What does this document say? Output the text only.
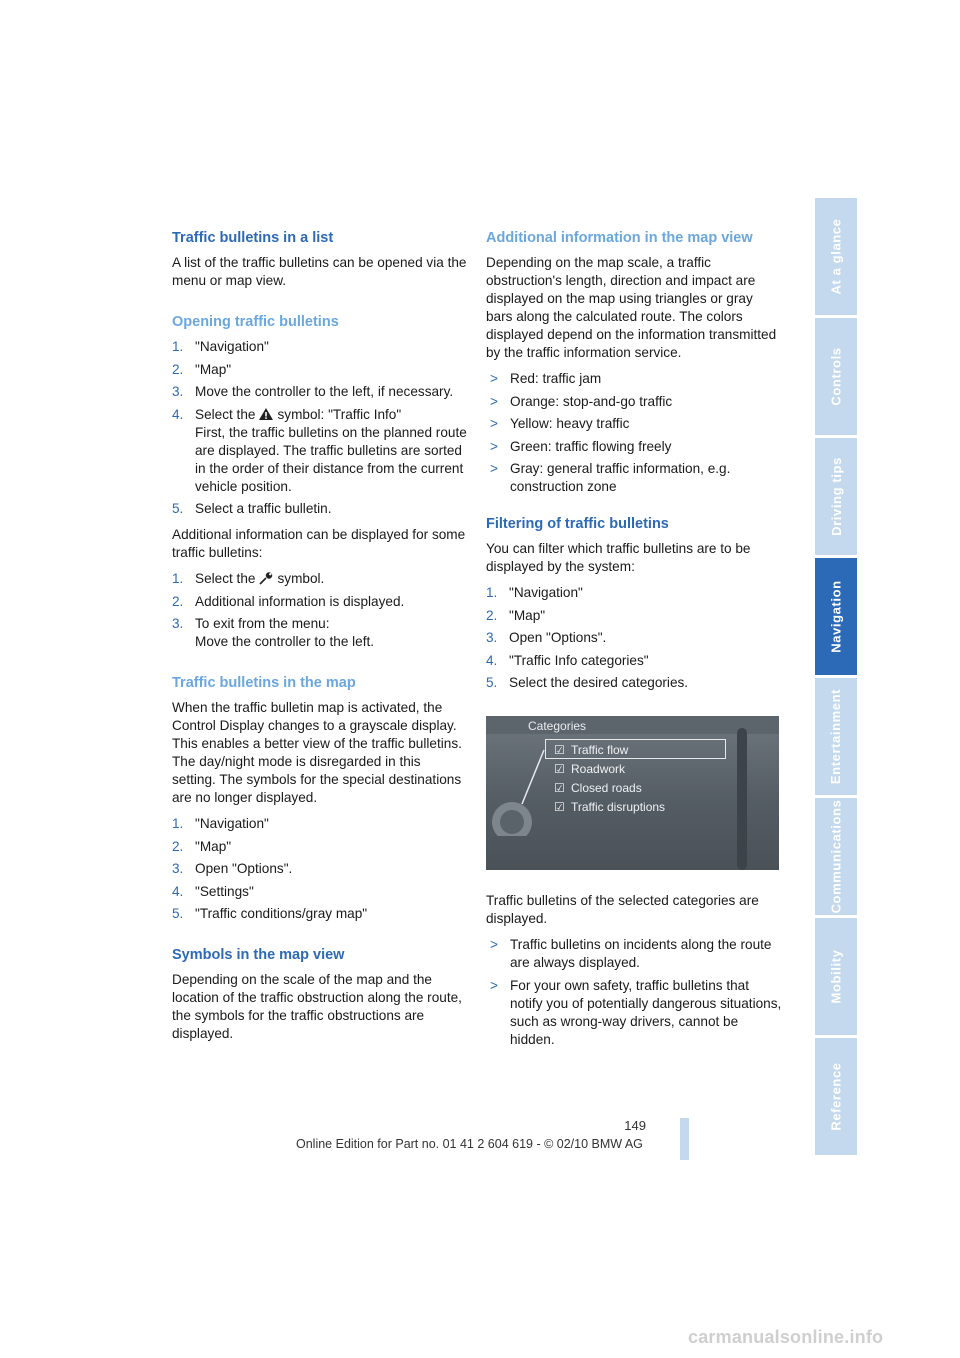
Traffic bulletins in a list

A list of the traffic bulletins can be opened via the menu or map view.

Opening traffic bulletins
1. "Navigation"
2. "Map"
3. Move the controller to the left, if necessary.
4. Select the symbol: "Traffic Info"
First, the traffic bulletins on the planned route are displayed. The traffic bulletins are sorted in the order of their distance from the current vehicle position.
5. Select a traffic bulletin.

Additional information can be displayed for some traffic bulletins:

1. Select the symbol.
2. Additional information is displayed.
3. To exit from the menu:
Move the controller to the left.
Traffic bulletins in the map

When the traffic bulletin map is activated, the Control Display changes to a grayscale display. This enables a better view of the traffic bulletins. The day/night mode is disregarded in this setting. The symbols for the special destinations are no longer displayed.

1. "Navigation"
2. "Map"
3. Open "Options".
4. "Settings"
5. "Traffic conditions/gray map"
Symbols in the map view

Depending on the scale of the map and the location of the traffic obstruction along the route, the symbols for the traffic obstructions are displayed.

Additional information in the map view

Depending on the map scale, a traffic obstruction's length, direction and impact are displayed on the map using triangles or gray bars along the calculated route. The colors displayed depend on the information transmitted by the traffic information service.

> Red: traffic jam
> Orange: stop-and-go traffic
> Yellow: heavy traffic
> Green: traffic flowing freely
> Gray: general traffic information, e.g. construction zone
Filtering of traffic bulletins

You can filter which traffic bulletins are to be displayed by the system:

1. "Navigation"
2. "Map"
3. Open "Options".
4. "Traffic Info categories"
5. Select the desired categories.
Categories
☑ Traffic flow
☑ Roadwork
☑ Closed roads
☑ Traffic disruptions

Traffic bulletins of the selected categories are displayed.

> Traffic bulletins on incidents along the route are always displayed.
> For your own safety, traffic bulletins that notify you of potentially dangerous situations, such as wrong-way drivers, cannot be hidden.
At a glance
Controls
Driving tips
Navigation
Entertainment
Communications
Mobility
Reference
149
Online Edition for Part no. 01 41 2 604 619 - © 02/10 BMW AG
carmanualsonline.info
